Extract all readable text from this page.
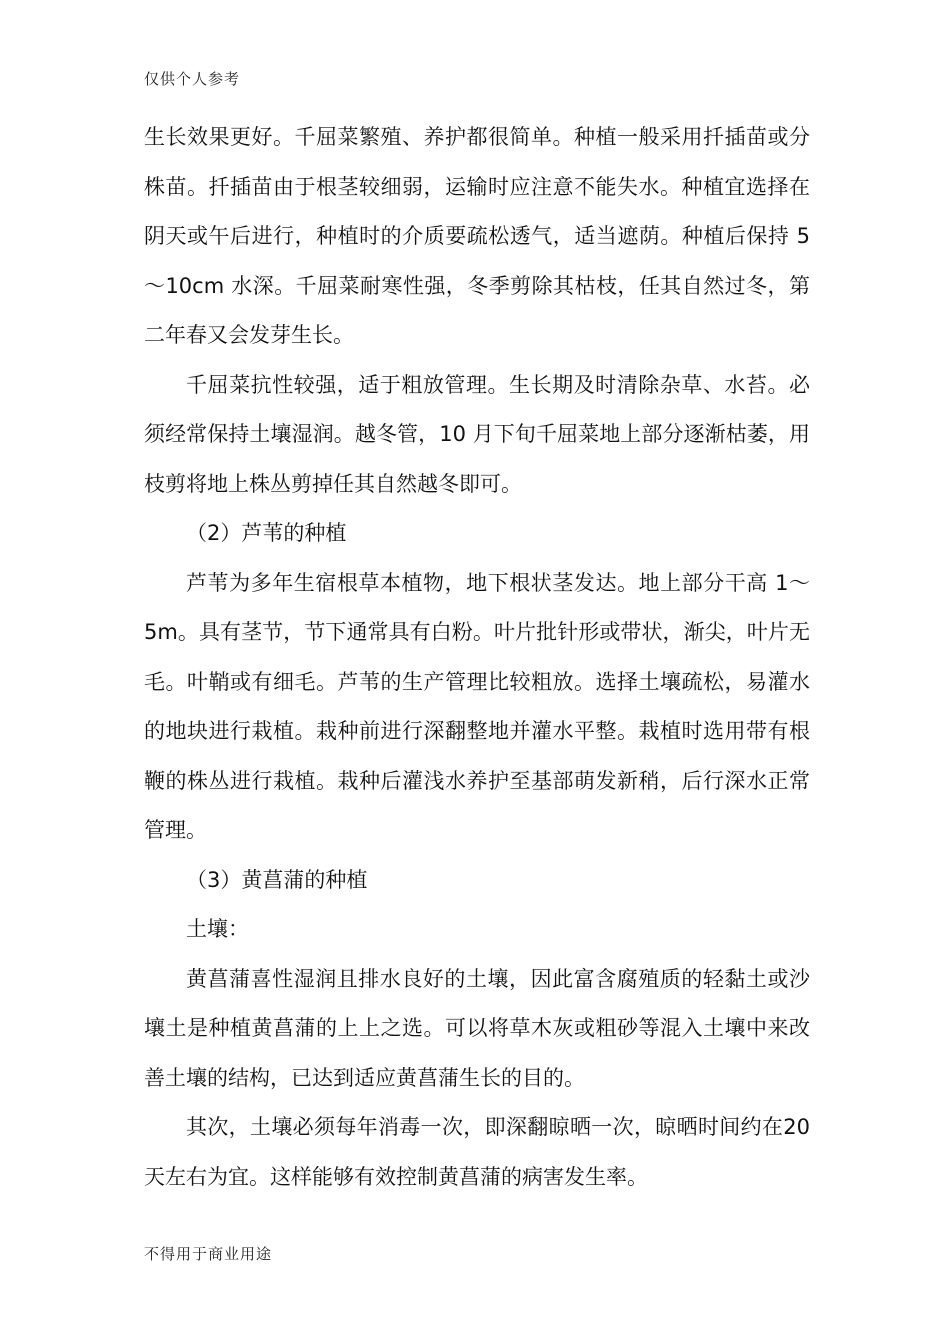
仅供个人参考

生长效果更好。千屈菜繁殖、养护都很简单。种植一般采用扦插苗或分株苗。扦插苗由于根茎较细弱，运输时应注意不能失水。种植宜选择在阴天或午后进行，种植时的介质要疏松透气，适当遮荫。种植后保持 5～10cm 水深。千屈菜耐寒性强，冬季剪除其枯枝，任其自然过冬，第二年春又会发芽生长。

千屈菜抗性较强，适于粗放管理。生长期及时清除杂草、水苔。必须经常保持土壤湿润。越冬管，10 月下旬千屈菜地上部分逐渐枯萎，用枝剪将地上株丛剪掉任其自然越冬即可。

（2）芦苇的种植

芦苇为多年生宿根草本植物，地下根状茎发达。地上部分干高 1～5m。具有茎节，节下通常具有白粉。叶片批针形或带状，渐尖，叶片无毛。叶鞘或有细毛。芦苇的生产管理比较粗放。选择土壤疏松，易灌水的地块进行栽植。栽种前进行深翻整地并灌水平整。栽植时选用带有根鞭的株丛进行栽植。栽种后灌浅水养护至基部萌发新稍，后行深水正常管理。

（3）黄菖蒲的种植

土壤：

黄菖蒲喜性湿润且排水良好的土壤，因此富含腐殖质的轻黏土或沙壤土是种植黄菖蒲的上上之选。可以将草木灰或粗砂等混入土壤中来改善土壤的结构，已达到适应黄菖蒲生长的目的。

其次，土壤必须每年消毒一次，即深翻晾晒一次，晾晒时间约在20 天左右为宜。这样能够有效控制黄菖蒲的病害发生率。

不得用于商业用途
